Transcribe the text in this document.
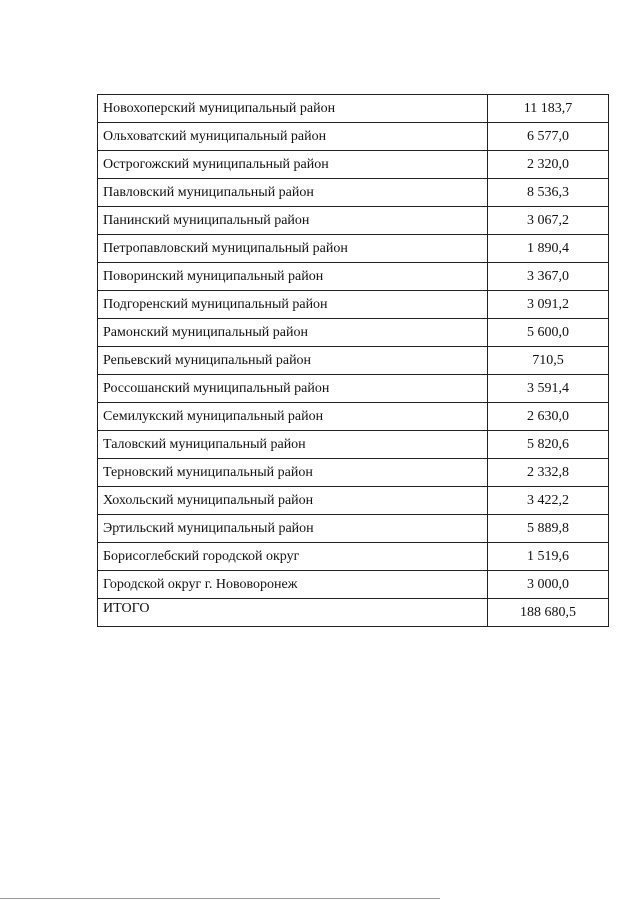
Новохоперский муниципальный район	11 183,7
Ольховатский муниципальный район	6 577,0
Острогожский муниципальный район	2 320,0
Павловский муниципальный район	8 536,3
Панинский муниципальный район	3 067,2
Петропавловский муниципальный район	1 890,4
Поворинский муниципальный район	3 367,0
Подгоренский муниципальный район	3 091,2
Рамонский муниципальный район	5 600,0
Репьевский муниципальный район	710,5
Россошанский муниципальный район	3 591,4
Семилукский муниципальный район	2 630,0
Таловский муниципальный район	5 820,6
Терновский муниципальный район	2 332,8
Хохольский муниципальный район	3 422,2
Эртильский муниципальный район	5 889,8
Борисоглебский городской округ	1 519,6
Городской округ г. Нововоронеж	3 000,0
ИТОГО	188 680,5
